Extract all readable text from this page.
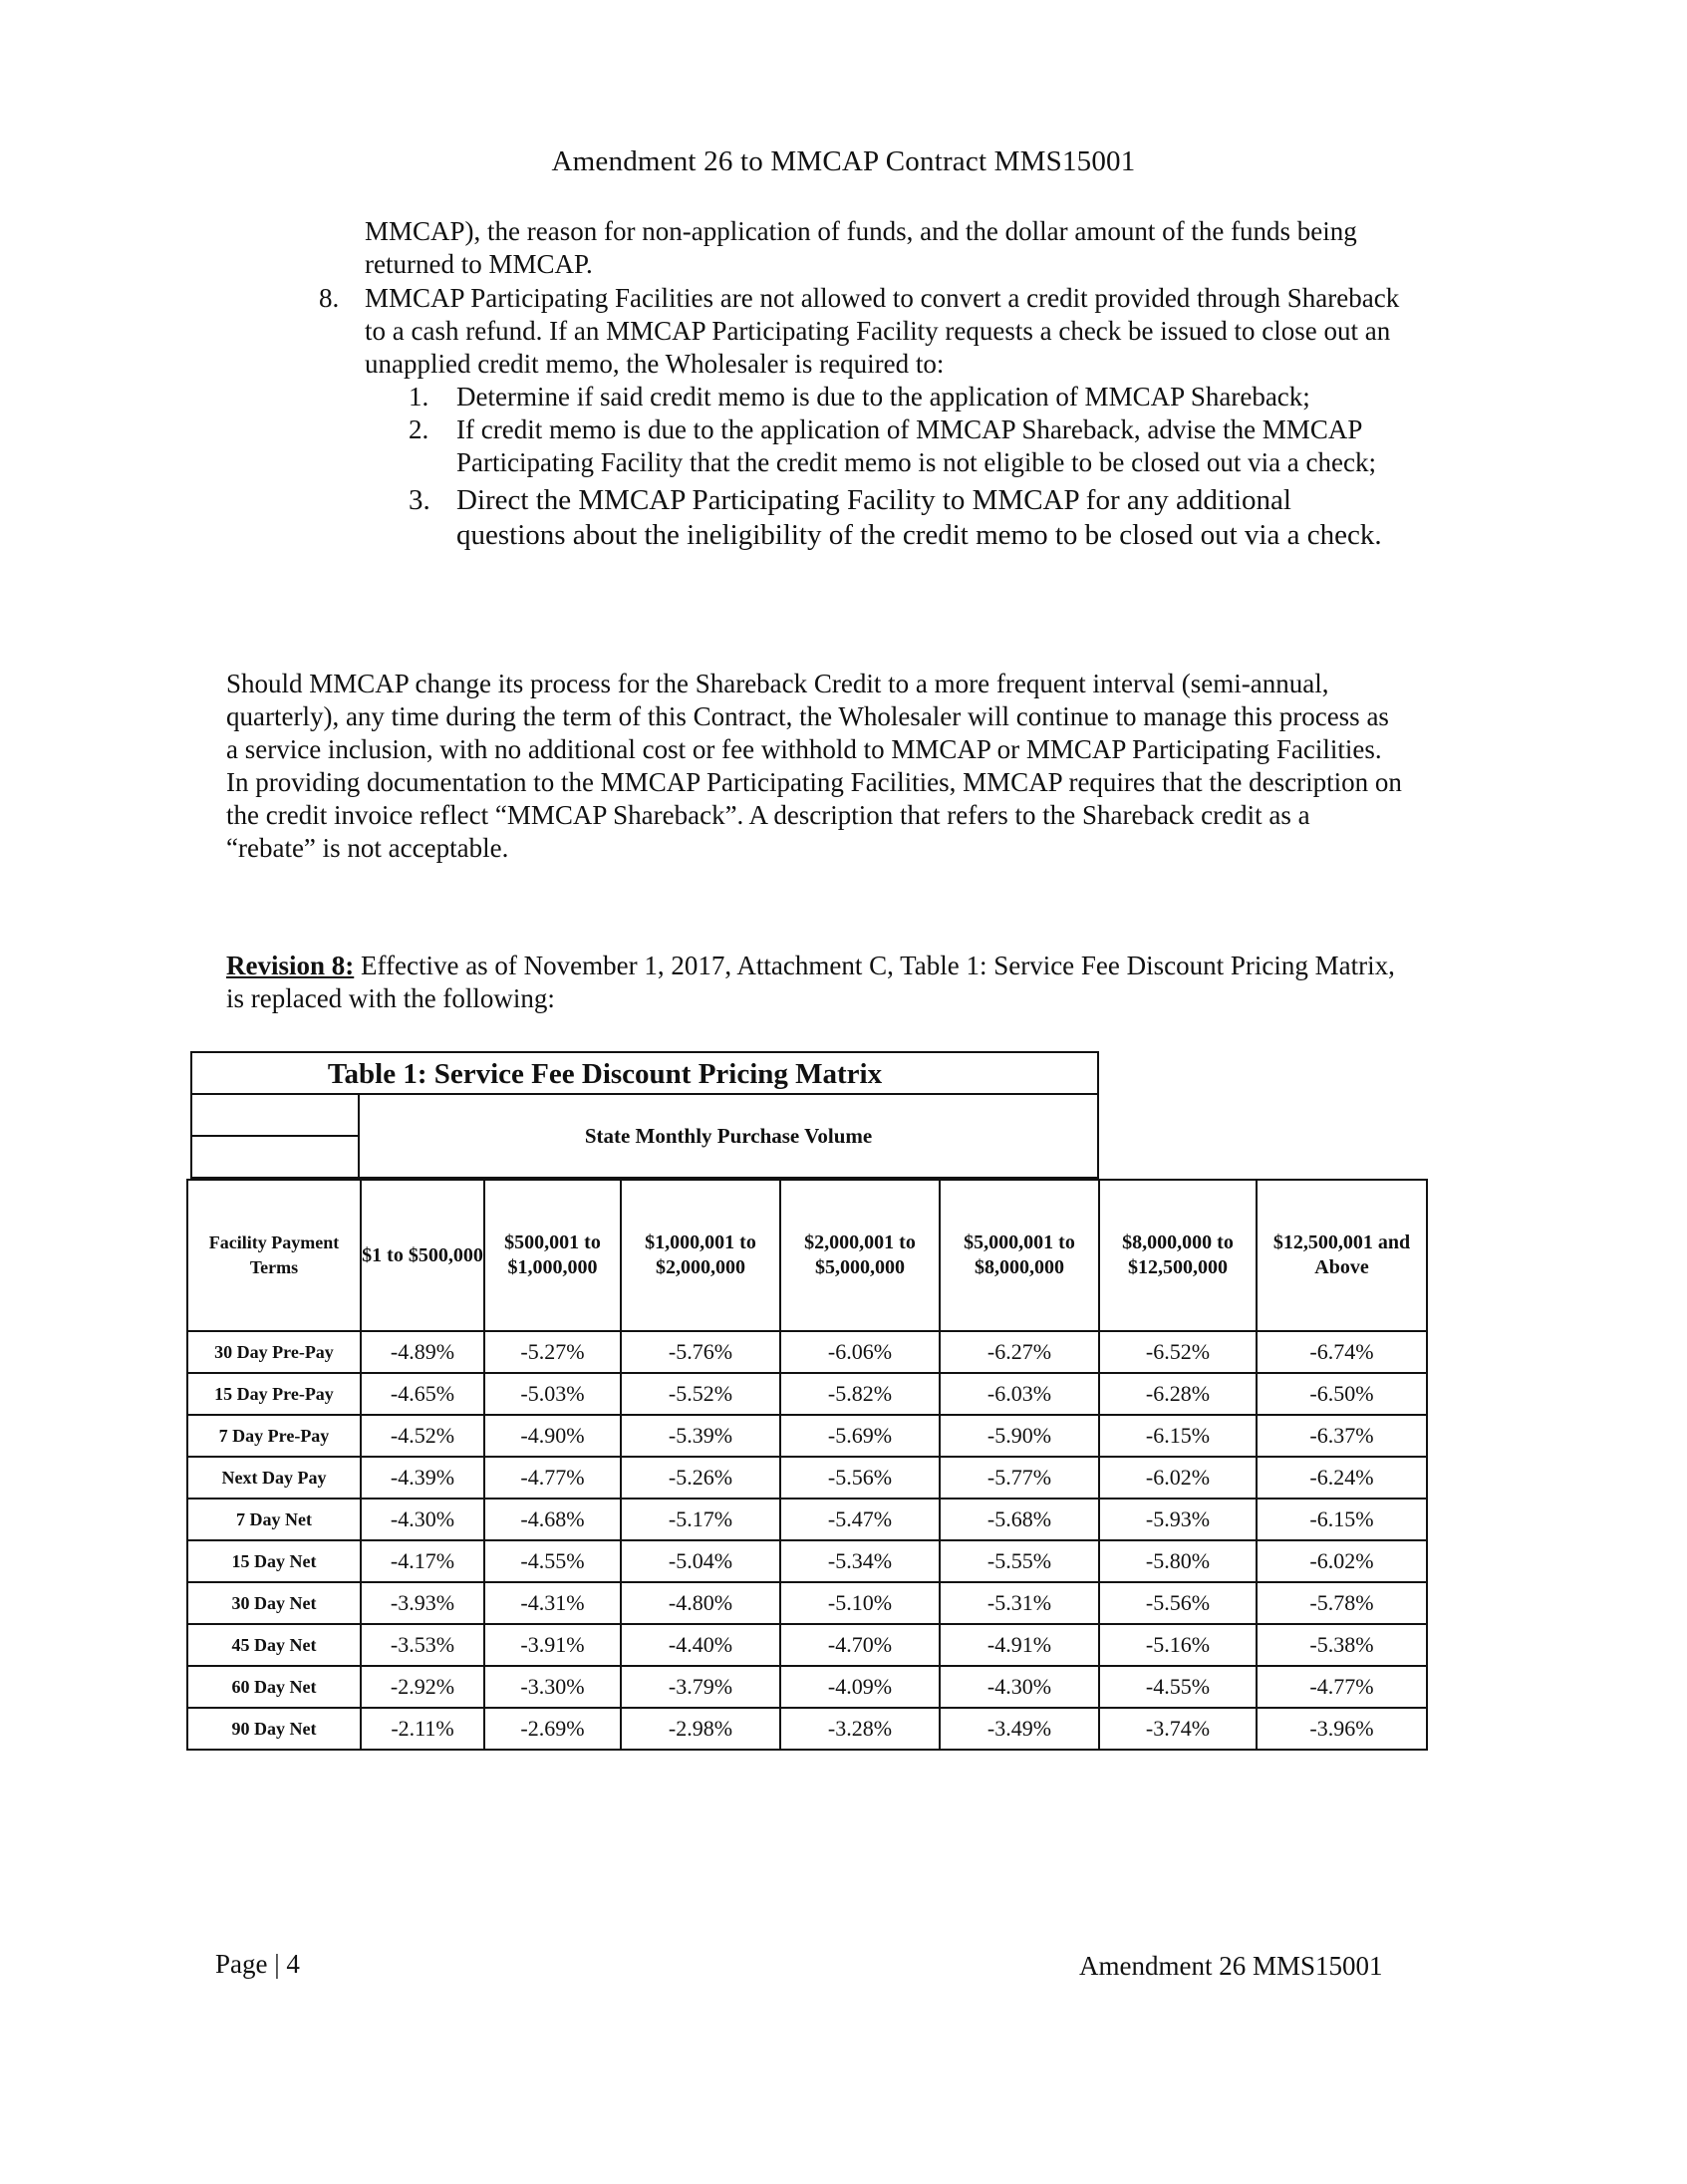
Amendment 26 to MMCAP Contract MMS15001
MMCAP), the reason for non-application of funds, and the dollar amount of the funds being returned to MMCAP.
8. MMCAP Participating Facilities are not allowed to convert a credit provided through Shareback to a cash refund. If an MMCAP Participating Facility requests a check be issued to close out an unapplied credit memo, the Wholesaler is required to:
1. Determine if said credit memo is due to the application of MMCAP Shareback;
2. If credit memo is due to the application of MMCAP Shareback, advise the MMCAP Participating Facility that the credit memo is not eligible to be closed out via a check;
3. Direct the MMCAP Participating Facility to MMCAP for any additional questions about the ineligibility of the credit memo to be closed out via a check.
Should MMCAP change its process for the Shareback Credit to a more frequent interval (semi-annual, quarterly), any time during the term of this Contract, the Wholesaler will continue to manage this process as a service inclusion, with no additional cost or fee withhold to MMCAP or MMCAP Participating Facilities. In providing documentation to the MMCAP Participating Facilities, MMCAP requires that the description on the credit invoice reflect “MMCAP Shareback”. A description that refers to the Shareback credit as a “rebate” is not acceptable.
Revision 8: Effective as of November 1, 2017, Attachment C, Table 1: Service Fee Discount Pricing Matrix, is replaced with the following:
Table 1: Service Fee Discount Pricing Matrix
State Monthly Purchase Volume
Facility Payment Terms	$1 to $500,000	$500,001 to $1,000,000	$1,000,001 to $2,000,000	$2,000,001 to $5,000,000	$5,000,001 to $8,000,000	$8,000,000 to $12,500,000	$12,500,001 and Above
30 Day Pre-Pay	-4.89%	-5.27%	-5.76%	-6.06%	-6.27%	-6.52%	-6.74%
15 Day Pre-Pay	-4.65%	-5.03%	-5.52%	-5.82%	-6.03%	-6.28%	-6.50%
7 Day Pre-Pay	-4.52%	-4.90%	-5.39%	-5.69%	-5.90%	-6.15%	-6.37%
Next Day Pay	-4.39%	-4.77%	-5.26%	-5.56%	-5.77%	-6.02%	-6.24%
7 Day Net	-4.30%	-4.68%	-5.17%	-5.47%	-5.68%	-5.93%	-6.15%
15 Day Net	-4.17%	-4.55%	-5.04%	-5.34%	-5.55%	-5.80%	-6.02%
30 Day Net	-3.93%	-4.31%	-4.80%	-5.10%	-5.31%	-5.56%	-5.78%
45 Day Net	-3.53%	-3.91%	-4.40%	-4.70%	-4.91%	-5.16%	-5.38%
60 Day Net	-2.92%	-3.30%	-3.79%	-4.09%	-4.30%	-4.55%	-4.77%
90 Day Net	-2.11%	-2.69%	-2.98%	-3.28%	-3.49%	-3.74%	-3.96%
Page | 4	Amendment 26 MMS15001
